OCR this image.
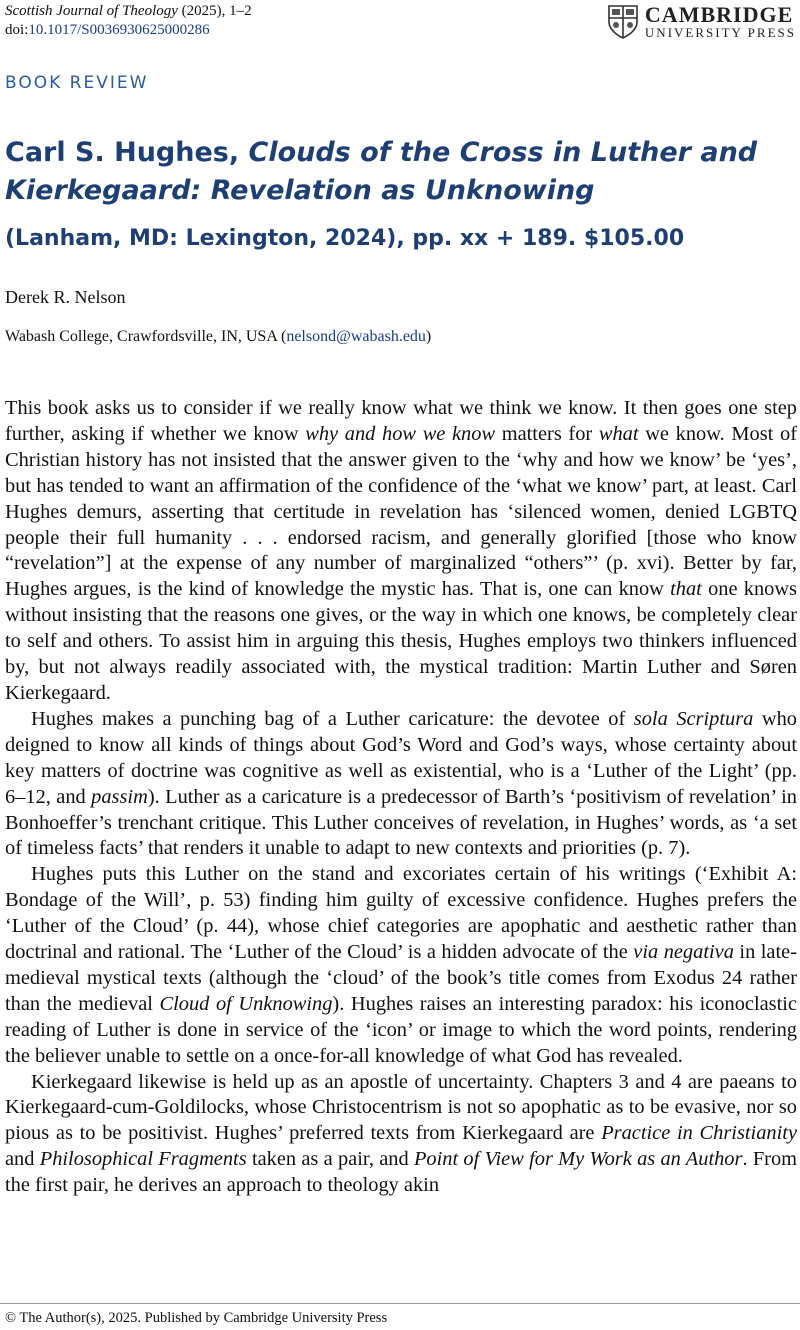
Scottish Journal of Theology (2025), 1–2
doi:10.1017/S0036930625000286
CAMBRIDGE
UNIVERSITY PRESS
BOOK REVIEW
Carl S. Hughes, Clouds of the Cross in Luther and Kierkegaard: Revelation as Unknowing
(Lanham, MD: Lexington, 2024), pp. xx + 189. $105.00
Derek R. Nelson
Wabash College, Crawfordsville, IN, USA (nelsond@wabash.edu)

This book asks us to consider if we really know what we think we know. It then goes one step further, asking if whether we know why and how we know matters for what we know. Most of Christian history has not insisted that the answer given to the ‘why and how we know’ be ‘yes’, but has tended to want an affirmation of the confidence of the ‘what we know’ part, at least. Carl Hughes demurs, asserting that certitude in revelation has ‘silenced women, denied LGBTQ people their full humanity . . . endorsed racism, and generally glorified [those who know “revelation”] at the expense of any number of marginalized “others”’ (p. xvi). Better by far, Hughes argues, is the kind of knowledge the mystic has. That is, one can know that one knows without insisting that the reasons one gives, or the way in which one knows, be completely clear to self and others. To assist him in arguing this thesis, Hughes employs two thinkers influenced by, but not always readily associated with, the mystical tradition: Martin Luther and Søren Kierkegaard.

Hughes makes a punching bag of a Luther caricature: the devotee of sola Scriptura who deigned to know all kinds of things about God’s Word and God’s ways, whose certainty about key matters of doctrine was cognitive as well as existential, who is a ‘Luther of the Light’ (pp. 6–12, and passim). Luther as a caricature is a predecessor of Barth’s ‘positivism of revelation’ in Bonhoeffer’s trenchant critique. This Luther conceives of revelation, in Hughes’ words, as ‘a set of timeless facts’ that renders it unable to adapt to new contexts and priorities (p. 7).

Hughes puts this Luther on the stand and excoriates certain of his writings (‘Exhibit A: Bondage of the Will’, p. 53) finding him guilty of excessive confidence. Hughes prefers the ‘Luther of the Cloud’ (p. 44), whose chief categories are apophatic and aesthetic rather than doctrinal and rational. The ‘Luther of the Cloud’ is a hidden advocate of the via negativa in late-medieval mystical texts (although the ‘cloud’ of the book’s title comes from Exodus 24 rather than the medieval Cloud of Unknowing). Hughes raises an interesting paradox: his iconoclastic reading of Luther is done in service of the ‘icon’ or image to which the word points, rendering the believer unable to settle on a once-for-all knowledge of what God has revealed.

Kierkegaard likewise is held up as an apostle of uncertainty. Chapters 3 and 4 are paeans to Kierkegaard-cum-Goldilocks, whose Christocentrism is not so apophatic as to be evasive, nor so pious as to be positivist. Hughes’ preferred texts from Kierkegaard are Practice in Christianity and Philosophical Fragments taken as a pair, and Point of View for My Work as an Author. From the first pair, he derives an approach to theology akin

© The Author(s), 2025. Published by Cambridge University Press
